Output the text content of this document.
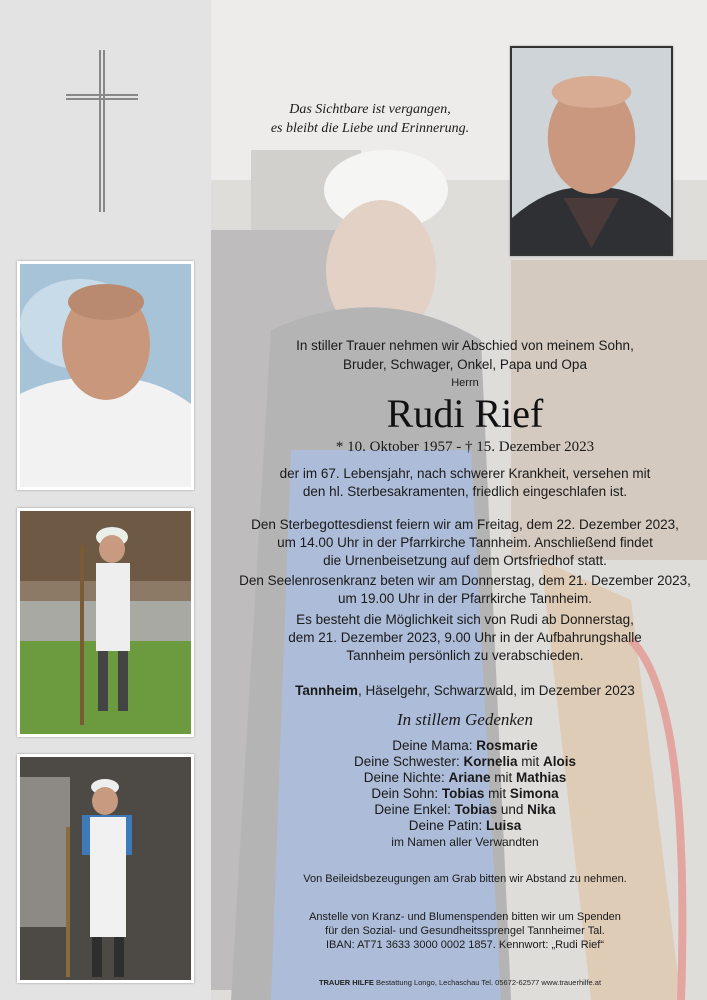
Das Sichtbare ist vergangen,
es bleibt die Liebe und Erinnerung.
In stiller Trauer nehmen wir Abschied von meinem Sohn,
Bruder, Schwager, Onkel, Papa und Opa
Herrn
Rudi Rief
* 10. Oktober 1957 - † 15. Dezember 2023
der im 67. Lebensjahr, nach schwerer Krankheit, versehen mit
den hl. Sterbesakramenten, friedlich eingeschlafen ist.
Den Sterbegottesdienst feiern wir am Freitag, dem 22. Dezember 2023,
um 14.00 Uhr in der Pfarrkirche Tannheim. Anschließend findet
die Urnenbeisetzung auf dem Ortsfriedhof statt.
Den Seelenrosenkranz beten wir am Donnerstag, dem 21. Dezember 2023,
um 19.00 Uhr in der Pfarrkirche Tannheim.
Es besteht die Möglichkeit sich von Rudi ab Donnerstag,
dem 21. Dezember 2023, 9.00 Uhr in der Aufbahrungshalle
Tannheim persönlich zu verabschieden.
Tannheim, Häselgehr, Schwarzwald, im Dezember 2023
In stillem Gedenken
Deine Mama: Rosmarie
Deine Schwester: Kornelia mit Alois
Deine Nichte: Ariane mit Mathias
Dein Sohn: Tobias mit Simona
Deine Enkel: Tobias und Nika
Deine Patin: Luisa
im Namen aller Verwandten
Von Beileidsbezeugungen am Grab bitten wir Abstand zu nehmen.
Anstelle von Kranz- und Blumenspenden bitten wir um Spenden
für den Sozial- und Gesundheitssprengel Tannheimer Tal.
IBAN: AT71 3633 3000 0002 1857. Kennwort: „Rudi Rief“
TRAUER HILFE Bestattung Longo, Lechaschau Tel. 05672-62577 www.trauerhilfe.at
